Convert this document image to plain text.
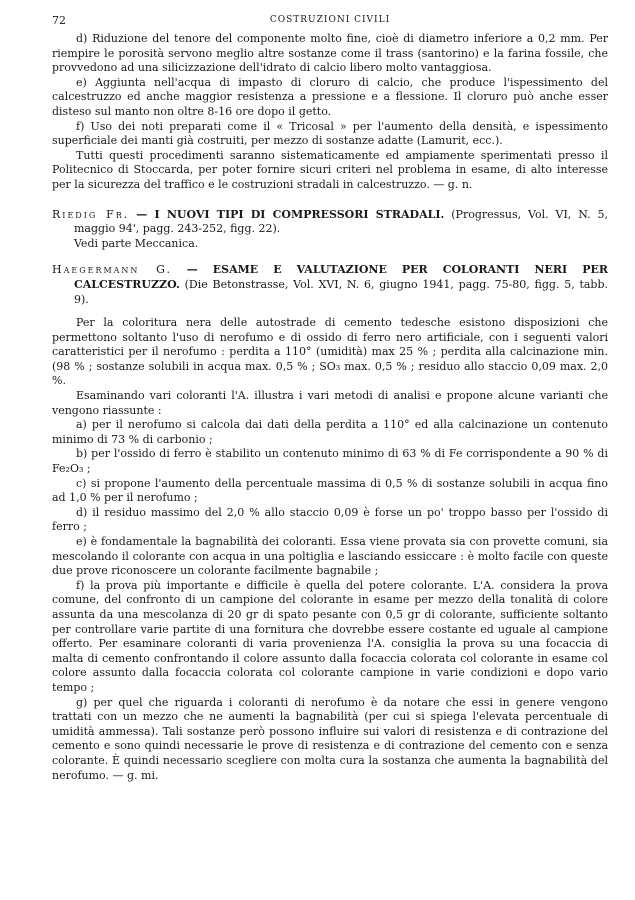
72	COSTRUZIONI CIVILI

d) Riduzione del tenore del componente molto fine, cioè di diametro inferiore a 0,2 mm. Per riempire le porosità servono meglio altre sostanze come il trass (santorino) e la farina fossile, che provvedono ad una silicizzazione dell'idrato di calcio libero molto vantaggiosa.

e) Aggiunta nell'acqua di impasto di cloruro di calcio, che produce l'ispessimento del calcestruzzo ed anche maggior resistenza a pressione e a flessione. Il cloruro può anche esser disteso sul manto non oltre 8-16 ore dopo il getto.

f) Uso dei noti preparati come il « Tricosal » per l'aumento della densità, e ispessimento superficiale dei manti già costruiti, per mezzo di sostanze adatte (Lamurit, ecc.).

Tutti questi procedimenti saranno sistematicamente ed ampiamente sperimentati presso il Politecnico di Stoccarda, per poter fornire sicuri criteri nel problema in esame, di alto interesse per la sicurezza del traffico e le costruzioni stradali in calcestruzzo. — g. n.

Riedig Fr. — I NUOVI TIPI DI COMPRESSORI STRADALI. (Progressus, Vol. VI, N. 5, maggio 94', pagg. 243-252, figg. 22).

Vedi parte Meccanica.

Haegermann G. — ESAME E VALUTAZIONE PER COLORANTI NERI PER CALCESTRUZZO. (Die Betonstrasse, Vol. XVI, N. 6, giugno 1941, pagg. 75-80, figg. 5, tabb. 9).

Per la coloritura nera delle autostrade di cemento tedesche esistono disposizioni che permettono soltanto l'uso di nerofumo e di ossido di ferro nero artificiale, con i seguenti valori caratteristici per il nerofumo : perdita a 110° (umidità) max 25 % ; perdita alla calcinazione min. (98 % ; sostanze solubili in acqua max. 0,5 % ; SO₃ max. 0,5 % ; residuo allo staccio 0,09 max. 2,0 %.

Esaminando vari coloranti l'A. illustra i vari metodi di analisi e propone alcune varianti che vengono riassunte :

a) per il nerofumo si calcola dai dati della perdita a 110° ed alla calcinazione un contenuto minimo di 73 % di carbonio ;

b) per l'ossido di ferro è stabilito un contenuto minimo di 63 % di Fe corrispondente a 90 % di Fe₂O₃ ;

c) si propone l'aumento della percentuale massima di 0,5 % di sostanze solubili in acqua fino ad 1,0 % per il nerofumo ;

d) il residuo massimo del 2,0 % allo staccio 0,09 è forse un po' troppo basso per l'ossido di ferro ;

e) è fondamentale la bagnabilità dei coloranti. Essa viene provata sia con provette comuni, sia mescolando il colorante con acqua in una poltiglia e lasciando essiccare : è molto facile con queste due prove riconoscere un colorante facilmente bagnabile ;

f) la prova più importante e difficile è quella del potere colorante. L'A. considera la prova comune, del confronto di un campione del colorante in esame per mezzo della tonalità di colore assunta da una mescolanza di 20 gr di spato pesante con 0,5 gr di colorante, sufficiente soltanto per controllare varie partite di una fornitura che dovrebbe essere costante ed uguale al campione offerto. Per esaminare coloranti di varia provenienza l'A. consiglia la prova su una focaccia di malta di cemento confrontando il colore assunto dalla focaccia colorata col colorante in esame col colore assunto dalla focaccia colorata col colorante campione in varie condizioni e dopo vario tempo ;

g) per quel che riguarda i coloranti di nerofumo è da notare che essi in genere vengono trattati con un mezzo che ne aumenti la bagnabilità (per cui si spiega l'elevata percentuale di umidità ammessa). Tali sostanze però possono influire sui valori di resistenza e di contrazione del cemento e sono quindi necessarie le prove di resistenza e di contrazione del cemento con e senza colorante. È quindi necessario scegliere con molta cura la sostanza che aumenta la bagnabilità del nerofumo. — g. mi.
